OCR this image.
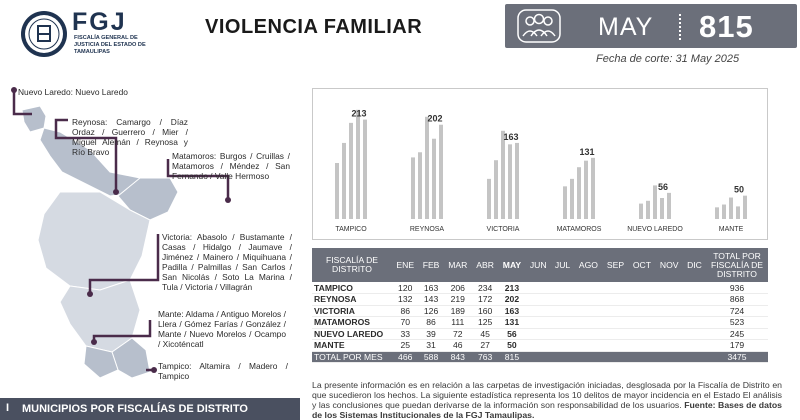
FGJ
FISCALÍA GENERAL DE JUSTICIA DEL ESTADO DE TAMAULIPAS
VIOLENCIA FAMILIAR	MAY 815
Fecha de corte: 31 May 2025
Nuevo Laredo: Nuevo Laredo
Reynosa: Camargo / Díaz Ordaz / Guerrero / Mier / Miguel Alemán / Reynosa y Río Bravo	Matamoros: Burgos / Cruillas / Matamoros / Méndez / San Fernando / Valle Hermoso
Victoria: Abasolo / Bustamante / Casas / Hidalgo / Jaumave / Jiménez / Mainero / Miquihuana / Padilla / Palmillas / San Carlos / San Nicolás / Soto La Marina / Tula / Victoria / Villagrán
Mante: Aldama / Antiguo Morelos / Llera / Gómez Farías / González / Mante / Nuevo Morelos / Ocampo / Xicoténcatl
Tampico: Altamira / Madero / Tampico
I MUNICIPIOS POR FISCALÍAS DE DISTRITO
213
TAMPICO
202
REYNOSA
163
VICTORIA
131
MATAMOROS
56
NUEVO LAREDO
50
MANTE
FISCALÍA DE DISTRITO	ENE	FEB	MAR	ABR	MAY	JUN	JUL	AGO	SEP	OCT	NOV	DIC	TOTAL POR FISCALÍA DE DISTRITO
TAMPICO	120	163	206	234	213								936
REYNOSA	132	143	219	172	202								868
VICTORIA	86	126	189	160	163								724
MATAMOROS	70	86	111	125	131								523
NUEVO LAREDO	33	39	72	45	56								245
MANTE	25	31	46	27	50								179
TOTAL POR MES	466	588	843	763	815								3475
La presente información es en relación a las carpetas de investigación iniciadas, desglosada por la Fiscalía de Distrito en que sucedieron los hechos. La siguiente estadística representa los 10 delitos de mayor incidencia en el Estado El análisis y las conclusiones que puedan derivarse de la información son responsabilidad de los usuarios. Fuente: Bases de datos de los Sistemas Institucionales de la FGJ Tamaulipas.
